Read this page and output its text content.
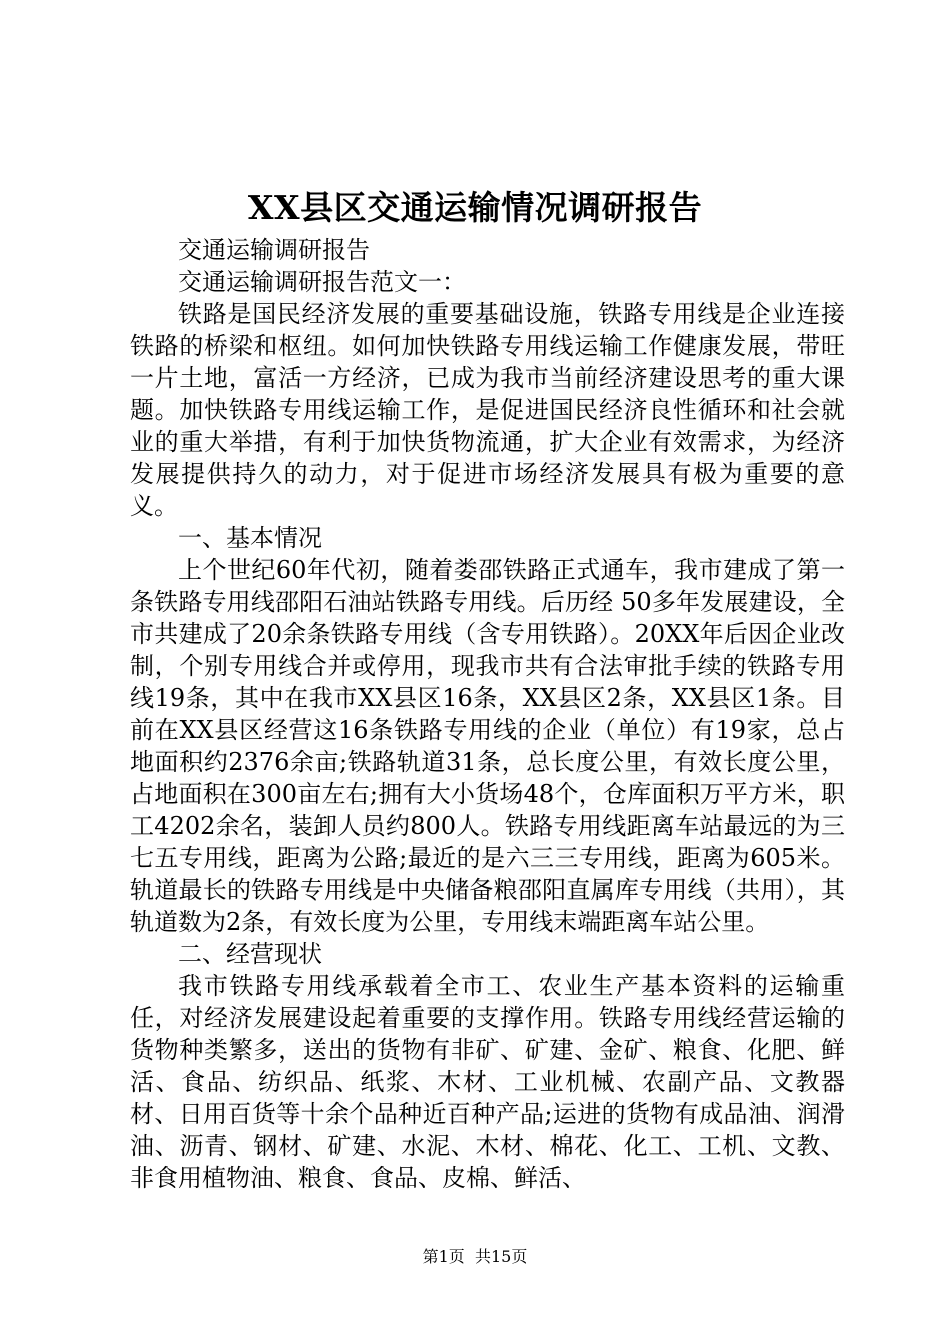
XX县区交通运输情况调研报告

交通运输调研报告

交通运输调研报告范文一：

铁路是国民经济发展的重要基础设施，铁路专用线是企业连接铁路的桥梁和枢纽。如何加快铁路专用线运输工作健康发展，带旺一片土地，富活一方经济，已成为我市当前经济建设思考的重大课题。加快铁路专用线运输工作，是促进国民经济良性循环和社会就业的重大举措，有利于加快货物流通，扩大企业有效需求，为经济发展提供持久的动力，对于促进市场经济发展具有极为重要的意义。

一、基本情况

上个世纪60年代初，随着娄邵铁路正式通车，我市建成了第一条铁路专用线邵阳石油站铁路专用线。后历经 50多年发展建设，全市共建成了20余条铁路专用线（含专用铁路）。20XX年后因企业改制，个别专用线合并或停用，现我市共有合法审批手续的铁路专用线19条，其中在我市XX县区16条，XX县区2条，XX县区1条。目前在XX县区经营这16条铁路专用线的企业（单位）有19家，总占地面积约2376余亩;铁路轨道31条，总长度公里，有效长度公里，占地面积在300亩左右;拥有大小货场48个，仓库面积万平方米，职工4202余名，装卸人员约800人。铁路专用线距离车站最远的为三七五专用线，距离为公路;最近的是六三三专用线，距离为605米。轨道最长的铁路专用线是中央储备粮邵阳直属库专用线（共用），其轨道数为2条，有效长度为公里，专用线末端距离车站公里。

二、经营现状

我市铁路专用线承载着全市工、农业生产基本资料的运输重任，对经济发展建设起着重要的支撑作用。铁路专用线经营运输的货物种类繁多，送出的货物有非矿、矿建、金矿、粮食、化肥、鲜活、食品、纺织品、纸浆、木材、工业机械、农副产品、文教器材、日用百货等十余个品种近百种产品;运进的货物有成品油、润滑油、沥青、钢材、矿建、水泥、木材、棉花、化工、工机、文教、非食用植物油、粮食、食品、皮棉、鲜活、

第1页 共15页
